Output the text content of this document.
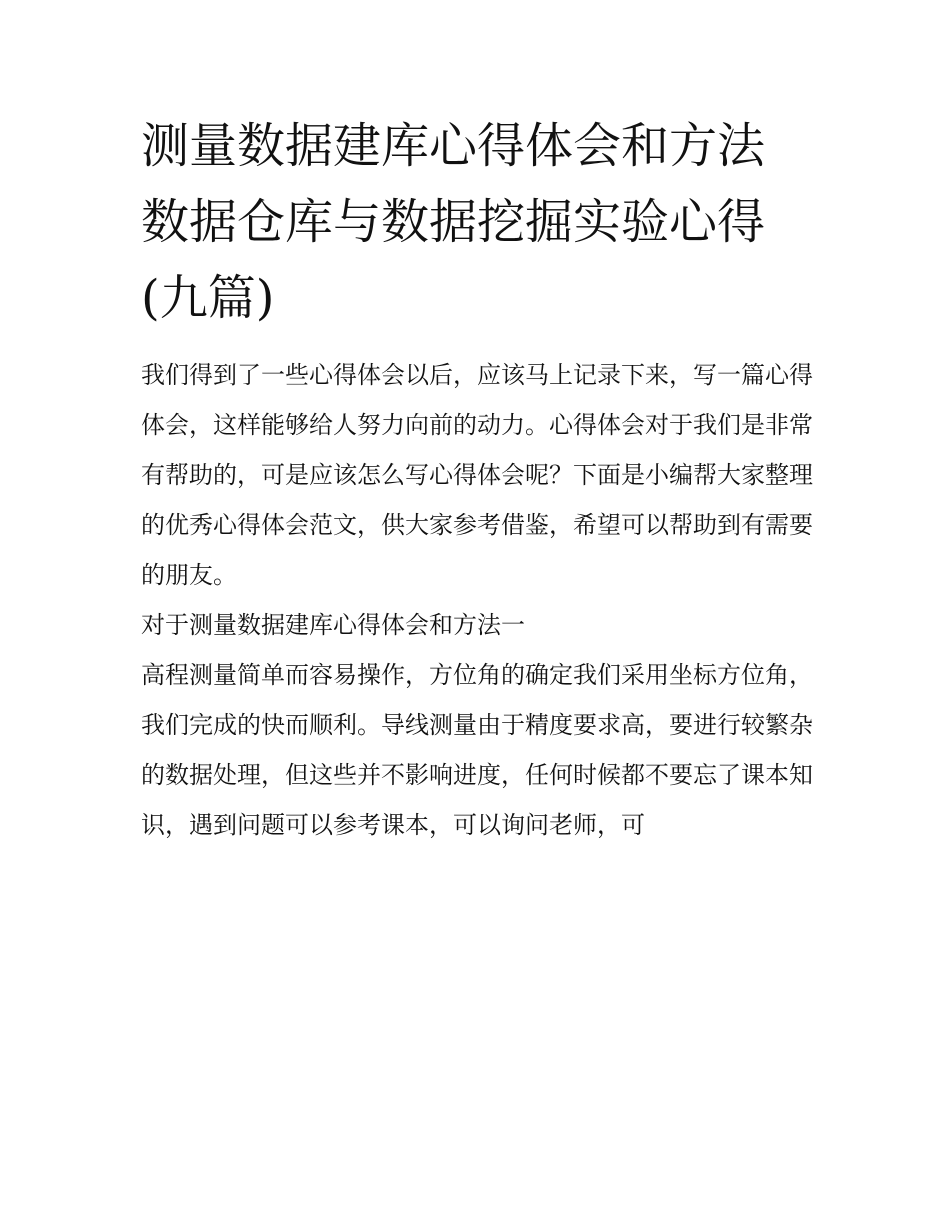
测量数据建库心得体会和方法 数据仓库与数据挖掘实验心得(九篇)

我们得到了一些心得体会以后，应该马上记录下来，写一篇心得体会，这样能够给人努力向前的动力。心得体会对于我们是非常有帮助的，可是应该怎么写心得体会呢？下面是小编帮大家整理的优秀心得体会范文，供大家参考借鉴，希望可以帮助到有需要的朋友。

对于测量数据建库心得体会和方法一

高程测量简单而容易操作，方位角的确定我们采用坐标方位角，我们完成的快而顺利。导线测量由于精度要求高，要进行较繁杂的数据处理，但这些并不影响进度，任何时候都不要忘了课本知识，遇到问题可以参考课本，可以询问老师，可
